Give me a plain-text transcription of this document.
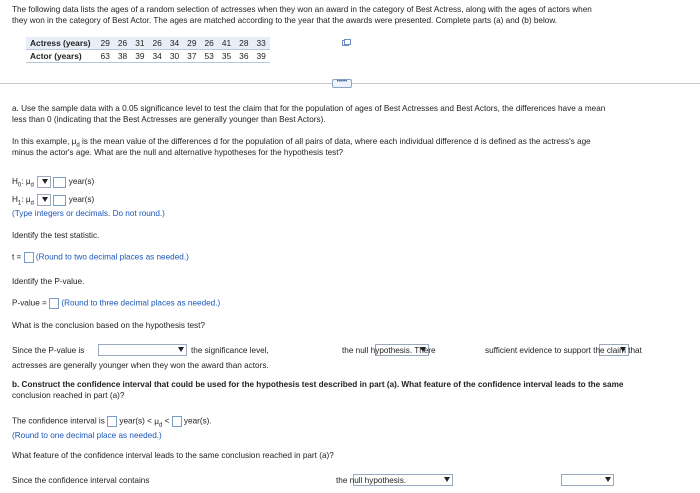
The following data lists the ages of a random selection of actresses when they won an award in the category of Best Actress, along with the ages of actors when
they won in the category of Best Actor. The ages are matched according to the year that the awards were presented. Complete parts (a) and (b) below.
Actress (years)	29	26	31	26	34	29	26	41	28	33
Actor (years)	63	38	39	34	30	37	53	35	36	39
•••••
a. Use the sample data with a 0.05 significance level to test the claim that for the population of ages of Best Actresses and Best Actors, the differences have a mean
less than 0 (indicating that the Best Actresses are generally younger than Best Actors).
In this example, $\mu_d$ is the mean value of the differences d for the population of all pairs of data, where each individual difference d is defined as the actress's age
minus the actor's age. What are the null and alternative hypotheses for the hypothesis test?
$H_0$: $\mu_d$	year(s)
$H_1$: $\mu_d$	year(s)
(Type integers or decimals. Do not round.)
Identify the test statistic.
t = (Round to two decimal places as needed.)
Identify the P-value.
P-value = (Round to three decimal places as needed.)
What is the conclusion based on the hypothesis test?
Since the P-value is
	the significance level,
	the null hypothesis. There
	sufficient evidence to support the claim that
actresses are generally younger when they won the award than actors.
b. Construct the confidence interval that could be used for the hypothesis test described in part (a). What feature of the confidence interval leads to the same
conclusion reached in part (a)?
The confidence interval is year(s) < $\mu_d$ < year(s).
(Round to one decimal place as needed.)
What feature of the confidence interval leads to the same conclusion reached in part (a)?
Since the confidence interval contains
	the null hypothesis.
